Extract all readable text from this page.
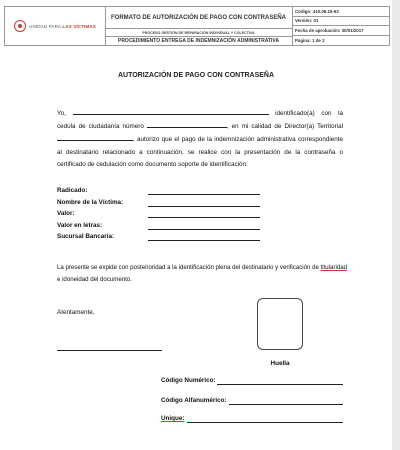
UNIDAD PARA LAS VÍCTIMAS
FORMATO DE AUTORIZACIÓN DE PAGO CON CONTRASEÑA
PROCESO GESTIÓN DE REPARACIÓN INDIVIDUAL Y COLECTIVA
PROCEDIMIENTO ENTREGA DE INDEMNIZACIÓN ADMINISTRATIVA
Código: 410.08.15-63
Versión: 01
Fecha de aprobación: 30/01/2017
Página: 1 de 2
AUTORIZACIÓN DE PAGO CON CONTRASEÑA
Yo,	identificado(a) con la cedula de ciudadanía número	, en mi calidad de Director(a) Territorial , autorizo que el pago de la indemnización administrativa correspondiente al destinatario relacionado a continuación, se realice con la presentación de la contraseña o certificado de cedulación como documento soporte de identificación:
Radicado:
Nombre de la Víctima:
Valor:
Valor en letras:
Sucursal Bancaria:
La presente se expide con posterioridad a la identificación plena del destinatario y verificación de titularidad e idoneidad del documento.
Atentamente,
Huella
Código Numérico:
Código Alfanumérico:
Unique:
